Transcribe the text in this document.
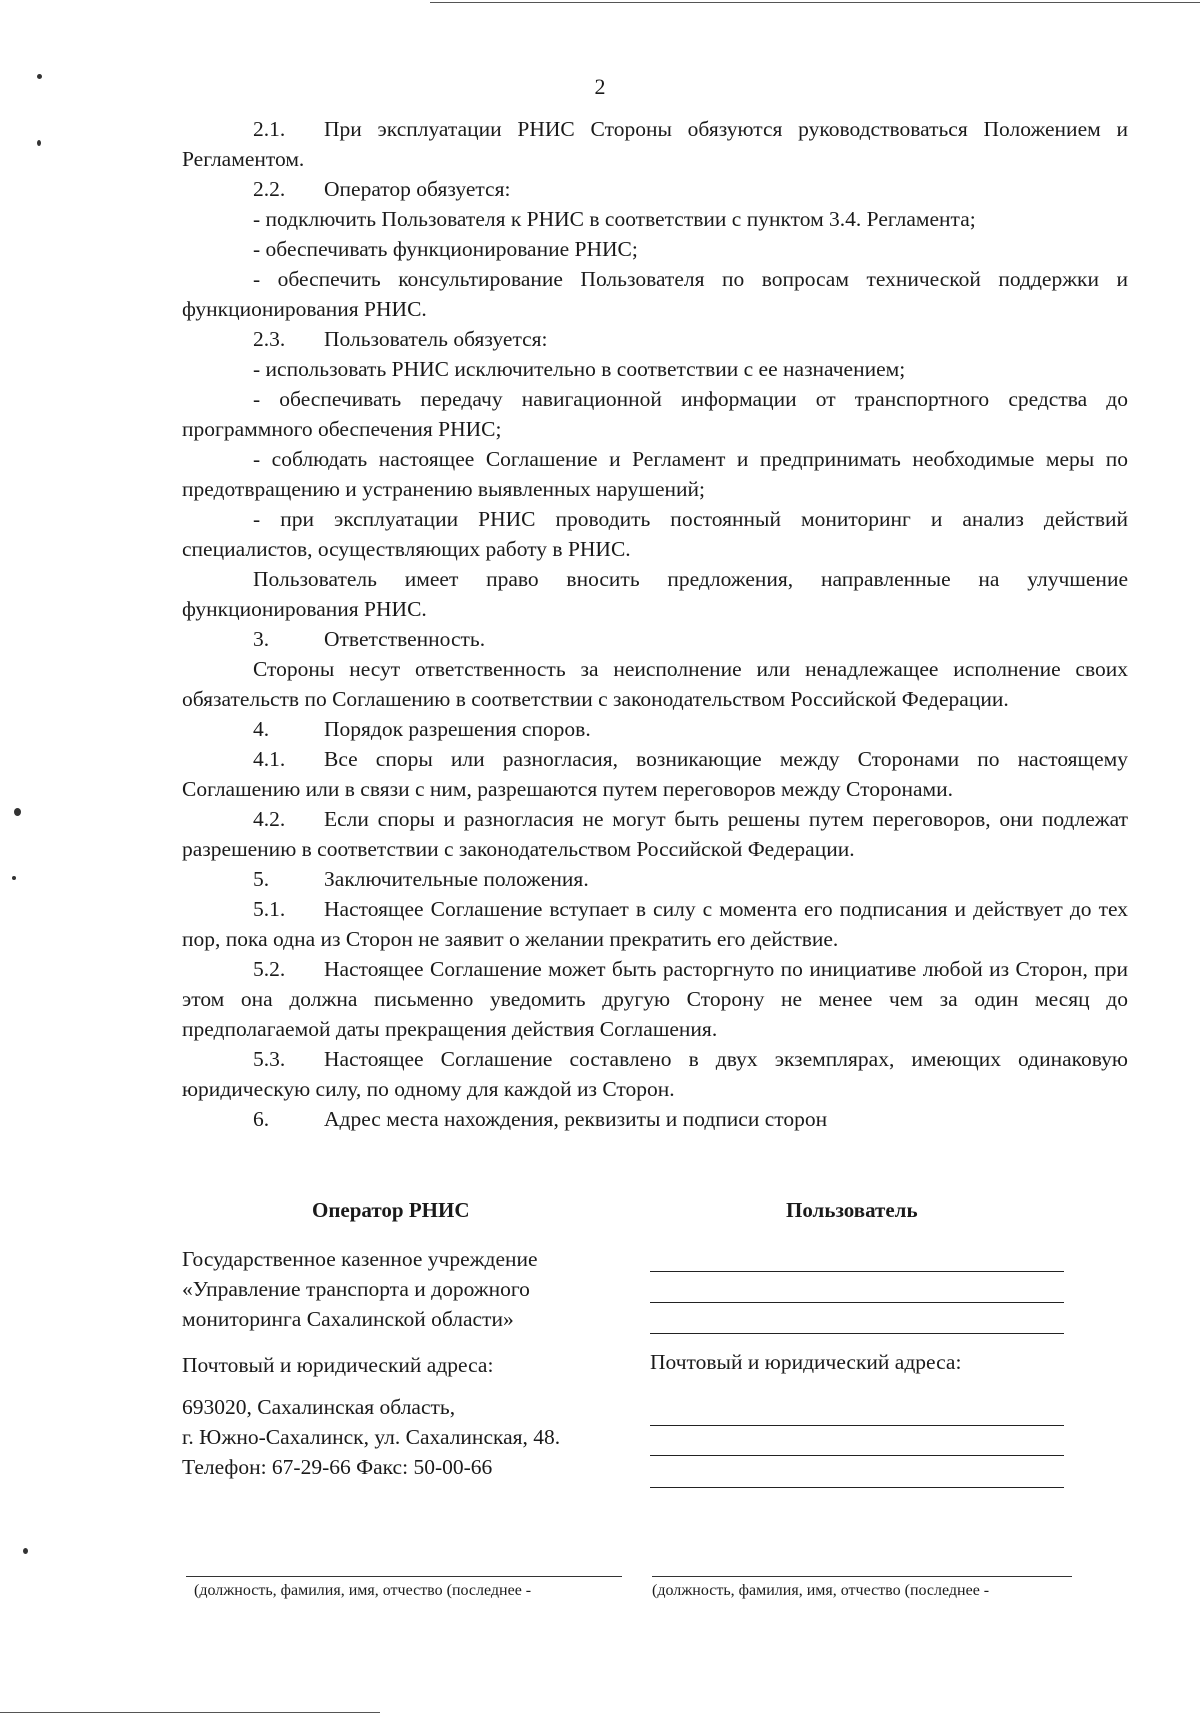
2

2.1. При эксплуатации РНИС Стороны обязуются руководствоваться Положением и Регламентом.

2.2. Оператор обязуется:

- подключить Пользователя к РНИС в соответствии с пунктом 3.4. Регламента;

- обеспечивать функционирование РНИС;

- обеспечить консультирование Пользователя по вопросам технической поддержки и функционирования РНИС.

2.3. Пользователь обязуется:

- использовать РНИС исключительно в соответствии с ее назначением;

- обеспечивать передачу навигационной информации от транспортного средства до программного обеспечения РНИС;

- соблюдать настоящее Соглашение и Регламент и предпринимать необходимые меры по предотвращению и устранению выявленных нарушений;

- при эксплуатации РНИС проводить постоянный мониторинг и анализ действий специалистов, осуществляющих работу в РНИС.

Пользователь имеет право вносить предложения, направленные на улучшение функционирования РНИС.

3.	Ответственность.

Стороны несут ответственность за неисполнение или ненадлежащее исполнение своих обязательств по Соглашению в соответствии с законодательством Российской Федерации.

4.	Порядок разрешения споров.

4.1. Все споры или разногласия, возникающие между Сторонами по настоящему Соглашению или в связи с ним, разрешаются путем переговоров между Сторонами.

4.2. Если споры и разногласия не могут быть решены путем переговоров, они подлежат разрешению в соответствии с законодательством Российской Федерации.

5.	Заключительные положения.

5.1. Настоящее Соглашение вступает в силу с момента его подписания и действует до тех пор, пока одна из Сторон не заявит о желании прекратить его действие.

5.2. Настоящее Соглашение может быть расторгнуто по инициативе любой из Сторон, при этом она должна письменно уведомить другую Сторону не менее чем за один месяц до предполагаемой даты прекращения действия Соглашения.

5.3. Настоящее Соглашение составлено в двух экземплярах, имеющих одинаковую юридическую силу, по одному для каждой из Сторон.

6.	Адрес места нахождения, реквизиты и подписи сторон

Оператор РНИС	Пользователь
Государственное казенное учреждение
«Управление транспорта и дорожного
мониторинга Сахалинской области»
Почтовый и юридический адреса:	Почтовый и юридический адреса:
693020, Сахалинская область,
г. Южно-Сахалинск, ул. Сахалинская, 48.
Телефон: 67-29-66 Факс: 50-00-66
(должность, фамилия, имя, отчество (последнее -	(должность, фамилия, имя, отчество (последнее -
